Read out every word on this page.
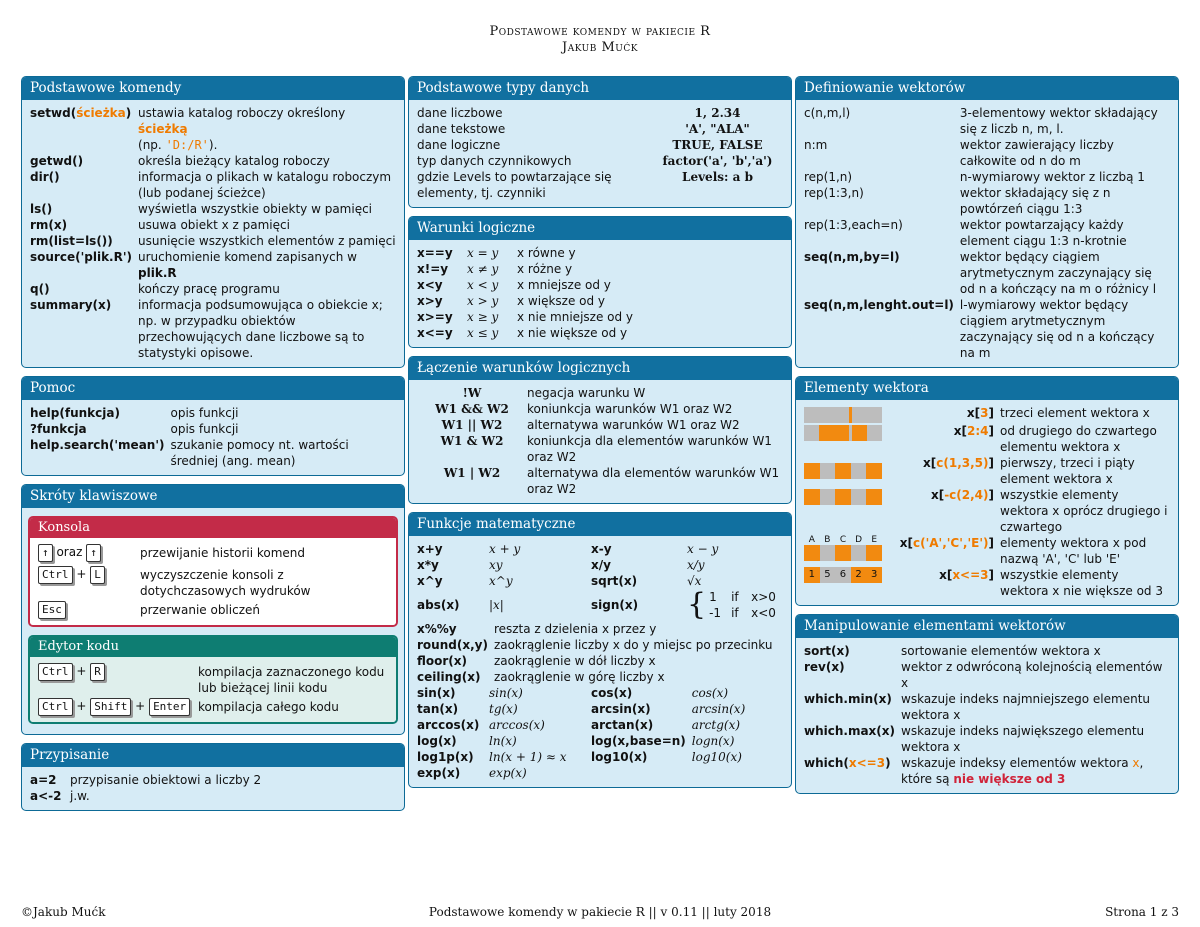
Podstawowe komendy w pakiecie R
Jakub Mućk
Podstawowe komendy
setwd(ścieżka)	ustawia katalog roboczy określony ścieżką
(np. 'D:/R').
getwd()	określa bieżący katalog roboczy
dir()	informacja o plikach w katalogu roboczym (lub podanej ścieżce)
ls()	wyświetla wszystkie obiekty w pamięci
rm(x)	usuwa obiekt x z pamięci
rm(list=ls())	usunięcie wszystkich elementów z pamięci
source('plik.R')	uruchomienie komend zapisanych w plik.R
q()	kończy pracę programu
summary(x)	informacja podsumowująca o obiekcie x; np. w przypadku obiektów przechowujących dane liczbowe są to statystyki opisowe.
Pomoc
help(funkcja)	opis funkcji
?funkcja	opis funkcji
help.search('mean')	szukanie pomocy nt. wartości średniej (ang. mean)
Skróty klawiszowe
Konsola
↑ oraz ↑	przewijanie historii komend
Ctrl + L	wyczyszczenie konsoli z dotychczasowych wydruków
Esc	przerwanie obliczeń
Edytor kodu
Ctrl + R	kompilacja zaznaczonego kodu lub bieżącej linii kodu
Ctrl + Shift + Enter	kompilacja całego kodu
Przypisanie
a=2	przypisanie obiektowi a liczby 2
a<-2	j.w.
Podstawowe typy danych
dane liczbowe	1, 2.34
dane tekstowe	'A', "ALA"
dane logiczne	TRUE, FALSE
typ danych czynnikowych	factor('a', 'b','a')
gdzie Levels to powtarzające się elementy, tj. czynniki	Levels: a b
Warunki logiczne
x==y	x = y	x równe y
x!=y	x ≠ y	x różne y
x<y	x < y	x mniejsze od y
x>y	x > y	x większe od y
x>=y	x ≥ y	x nie mniejsze od y
x<=y	x ≤ y	x nie większe od y
Łączenie warunków logicznych
!W	negacja warunku W
W1 && W2	koniunkcja warunków W1 oraz W2
W1 || W2	alternatywa warunków W1 oraz W2
W1 & W2	koniunkcja dla elementów warunków W1 oraz W2
W1 | W2	alternatywa dla elementów warunków W1 oraz W2
Funkcje matematyczne
x+y	x + y	x-y	x − y
x*y	xy	x/y	x/y
x^y	x^y	sqrt(x)	√x
abs(x)	|x|	sign(x)	{ 1 if x>0
-1 if x<0
x%%y	reszta z dzielenia x przez y
round(x,y)	zaokrąglenie liczby x do y miejsc po przecinku
floor(x)	zaokrąglenie w dół liczby x
ceiling(x)	zaokrąglenie w górę liczby x
sin(x)	sin(x)	cos(x)	cos(x)
tan(x)	tg(x)	arcsin(x)	arcsin(x)
arccos(x)	arccos(x)	arctan(x)	arctg(x)
log(x)	ln(x)	log(x,base=n)	logn(x)
log1p(x)	ln(x + 1) ≈ x	log10(x)	log10(x)
exp(x)	exp(x)		
Definiowanie wektorów
c(n,m,l)	3-elementowy wektor składający się z liczb n, m, l.
n:m	wektor zawierający liczby całkowite od n do m
rep(1,n)	n-wymiarowy wektor z liczbą 1
rep(1:3,n)	wektor składający się z n powtórzeń ciągu 1:3
rep(1:3,each=n)	wektor powtarzający każdy element ciągu 1:3 n-krotnie
seq(n,m,by=l)	wektor będący ciągiem arytmetycznym zaczynający się od n a kończący na m o różnicy l
seq(n,m,lenght.out=l)	l-wymiarowy wektor będący ciągiem arytmetycznym zaczynający się od n a kończący na m
Elementy wektora
	x[3]	trzeci element wektora x

	x[2:4]	od drugiego do czwartego elementu wektora x

	x[c(1,3,5)]	pierwszy, trzeci i piąty element wektora x

	x[-c(2,4)]	wszystkie elementy wektora x oprócz drugiego i czwartego

A B C D E	x[c('A','C','E')]	elementy wektora x pod nazwą 'A', 'C' lub 'E'

1 5 6 2 3	x[x<=3]	wszystkie elementy wektora x nie większe od 3
Manipulowanie elementami wektorów
sort(x)	sortowanie elementów wektora x
rev(x)	wektor z odwróconą kolejnością elementów x
which.min(x)	wskazuje indeks najmniejszego elementu wektora x
which.max(x)	wskazuje indeks największego elementu wektora x
which(x<=3)	wskazuje indeksy elementów wektora x, które są nie większe od 3
©Jakub Mućk	Podstawowe komendy w pakiecie R || v 0.11 || luty 2018	Strona 1 z 3
